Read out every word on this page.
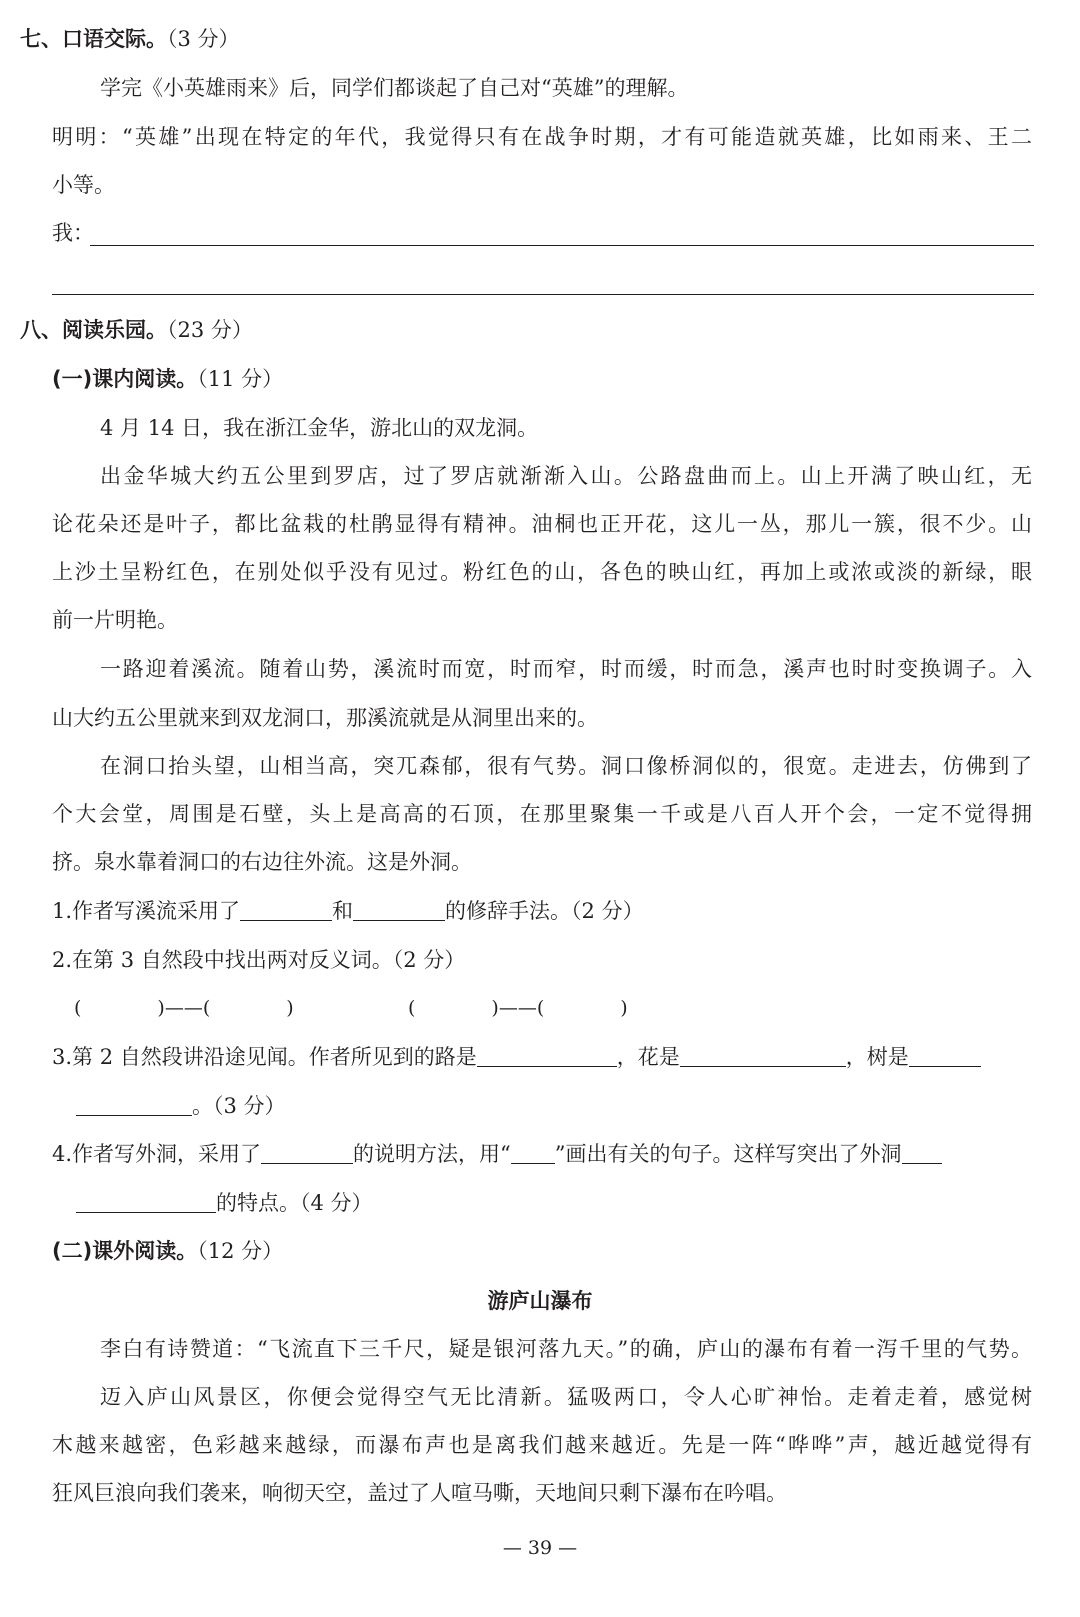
七、口语交际。（3 分）
学完《小英雄雨来》后，同学们都谈起了自己对“英雄”的理解。
明明：“英雄”出现在特定的年代，我觉得只有在战争时期，才有可能造就英雄，比如雨来、王二
小等。
我：
八、阅读乐园。（23 分）
(一)课内阅读。（11 分）
4 月 14 日，我在浙江金华，游北山的双龙洞。
出金华城大约五公里到罗店，过了罗店就渐渐入山。公路盘曲而上。山上开满了映山红，无
论花朵还是叶子，都比盆栽的杜鹃显得有精神。油桐也正开花，这儿一丛，那儿一簇，很不少。山
上沙土呈粉红色，在别处似乎没有见过。粉红色的山，各色的映山红，再加上或浓或淡的新绿，眼
前一片明艳。
一路迎着溪流。随着山势，溪流时而宽，时而窄，时而缓，时而急，溪声也时时变换调子。入
山大约五公里就来到双龙洞口，那溪流就是从洞里出来的。
在洞口抬头望，山相当高，突兀森郁，很有气势。洞口像桥洞似的，很宽。走进去，仿佛到了
个大会堂，周围是石壁，头上是高高的石顶，在那里聚集一千或是八百人开个会，一定不觉得拥
挤。泉水靠着洞口的右边往外流。这是外洞。
1.作者写溪流采用了	和	的修辞手法。（2 分）
2.在第 3 自然段中找出两对反义词。（2 分）
(　　　　)——(　　　　)	(　　　　)——(　　　　)
3.第 2 自然段讲沿途见闻。作者所见到的路是	，花是	，树是
。（3 分）
4.作者写外洞，采用了	的说明方法，用“ ”画出有关的句子。这样写突出了外洞
的特点。（4 分）
(二)课外阅读。（12 分）
游庐山瀑布
李白有诗赞道：“飞流直下三千尺，疑是银河落九天。”的确，庐山的瀑布有着一泻千里的气势。
迈入庐山风景区，你便会觉得空气无比清新。猛吸两口，令人心旷神怡。走着走着，感觉树
木越来越密，色彩越来越绿，而瀑布声也是离我们越来越近。先是一阵“哗哗”声，越近越觉得有
狂风巨浪向我们袭来，响彻天空，盖过了人喧马嘶，天地间只剩下瀑布在吟唱。
— 39 —
